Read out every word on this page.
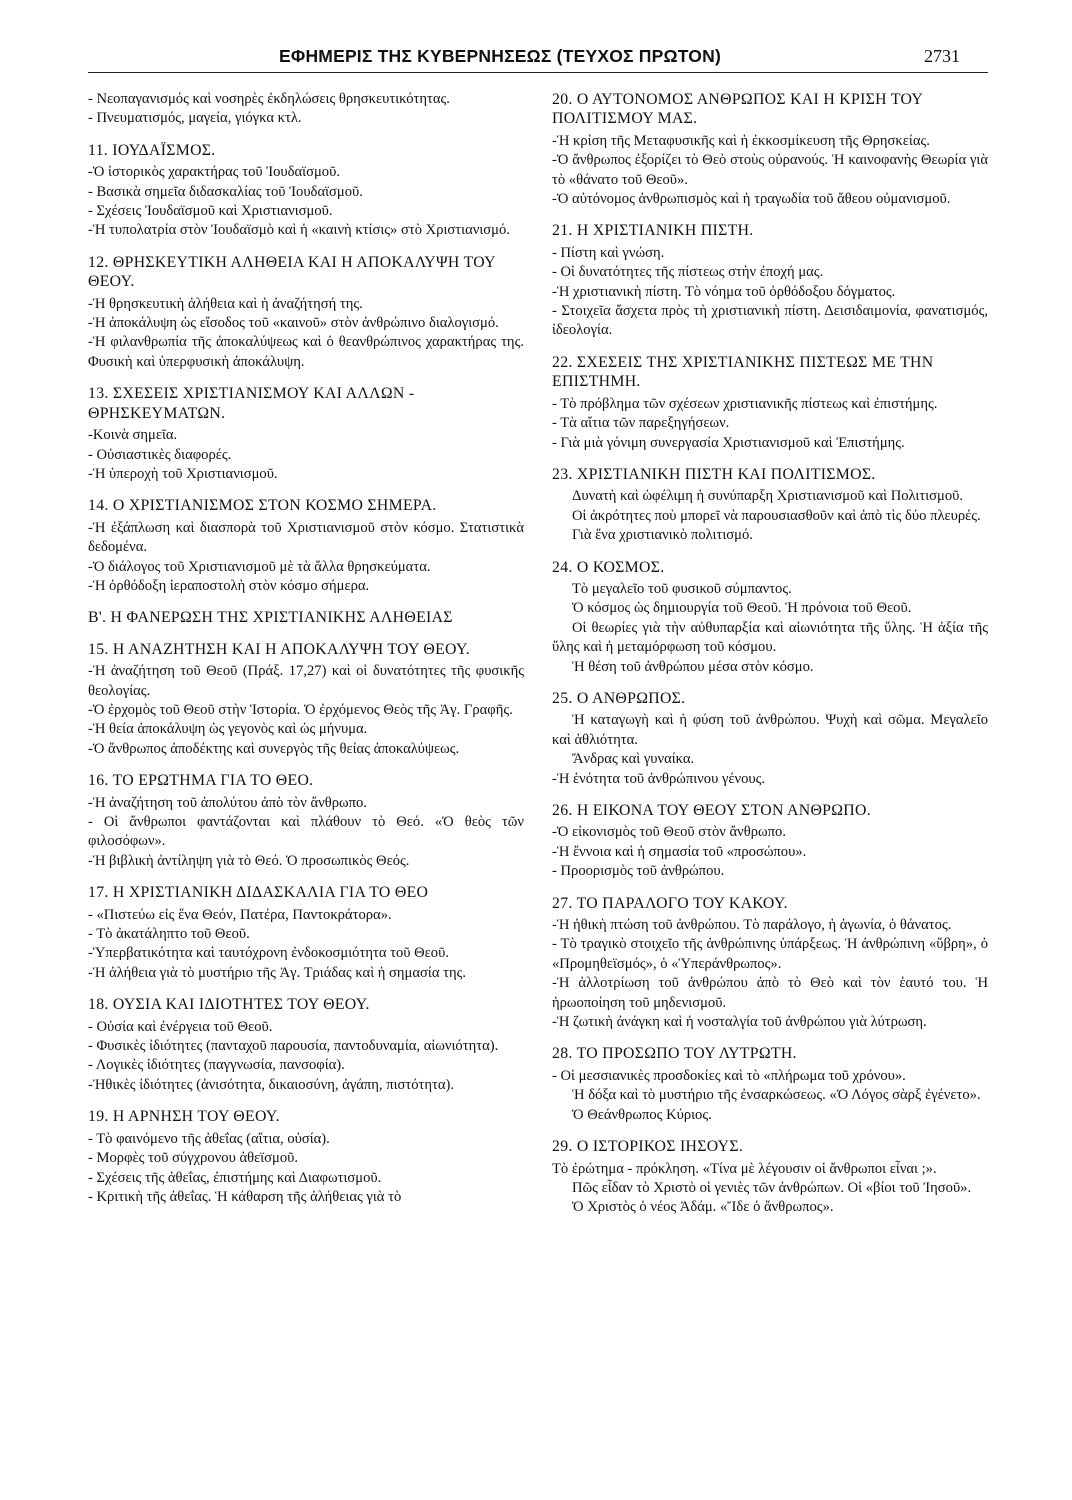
ΕΦΗΜΕΡΙΣ ΤΗΣ ΚΥΒΕΡΝΗΣΕΩΣ (ΤΕΥΧΟΣ ΠΡΩΤΟΝ)	2731
- Νεοπαγανισμός καὶ νοσηρὲς ἐκδηλώσεις θρησκευτικότητας.
- Πνευματισμός, μαγεία, γιόγκα κτλ.
11. ΙΟΥΔΑΪΣΜΟΣ.
-Ὁ ἱστορικὸς χαρακτήρας τοῦ Ἰουδαϊσμοῦ.
- Βασικὰ σημεῖα διδασκαλίας τοῦ Ἰουδαϊσμοῦ.
- Σχέσεις Ἰουδαϊσμοῦ καὶ Χριστιανισμοῦ.
-Ἡ τυπολατρία στὸν Ἰουδαϊσμὸ καὶ ἡ «καινὴ κτίσις» στὸ Χριστιανισμό.
12. ΘΡΗΣΚΕΥΤΙΚΗ ΑΛΗΘΕΙΑ ΚΑΙ Η ΑΠΟΚΑΛΥΨΗ ΤΟΥ ΘΕΟΥ.
-Ἡ θρησκευτικὴ ἀλήθεια καὶ ἡ ἀναζήτησή της.
-Ἡ ἀποκάλυψη ὡς εἴσοδος τοῦ «καινοῦ» στὸν ἀνθρώπινο διαλογισμό.
-Ἡ φιλανθρωπία τῆς ἀποκαλύψεως καὶ ὁ θεανθρώπινος χαρακτήρας της. Φυσικὴ καὶ ὑπερφυσικὴ ἀποκάλυψη.
13. ΣΧΕΣΕΙΣ ΧΡΙΣΤΙΑΝΙΣΜΟΥ ΚΑΙ ΑΛΛΩΝ - ΘΡΗΣΚΕΥΜΑΤΩΝ.
-Κοινὰ σημεῖα.
- Οὐσιαστικὲς διαφορές.
-Ἡ ὑπεροχὴ τοῦ Χριστιανισμοῦ.
14. Ο ΧΡΙΣΤΙΑΝΙΣΜΟΣ ΣΤΟΝ ΚΟΣΜΟ ΣΗΜΕΡΑ.
-Ἡ ἐξάπλωση καὶ διασπορὰ τοῦ Χριστιανισμοῦ στὸν κόσμο. Στατιστικὰ δεδομένα.
-Ὁ διάλογος τοῦ Χριστιανισμοῦ μὲ τὰ ἄλλα θρησκεύματα.
-Ἡ ὀρθόδοξη ἱεραποστολὴ στὸν κόσμο σήμερα.
Β'. Η ΦΑΝΕΡΩΣΗ ΤΗΣ ΧΡΙΣΤΙΑΝΙΚΗΣ ΑΛΗΘΕΙΑΣ
15. Η ΑΝΑΖΗΤΗΣΗ ΚΑΙ Η ΑΠΟΚΑΛΥΨΗ ΤΟΥ ΘΕΟΥ.
-Ἡ ἀναζήτηση τοῦ Θεοῦ (Πράξ. 17,27) καὶ οἱ δυνατότητες τῆς φυσικῆς θεολογίας.
-Ὁ ἐρχομὸς τοῦ Θεοῦ στὴν Ἱστορία. Ὁ ἐρχόμενος Θεὸς τῆς Ἁγ. Γραφῆς.
-Ἡ θεία ἀποκάλυψη ὡς γεγονὸς καὶ ὡς μήνυμα.
-Ὁ ἄνθρωπος ἀποδέκτης καὶ συνεργὸς τῆς θείας ἀποκαλύψεως.
16. ΤΟ ΕΡΩΤΗΜΑ ΓΙΑ ΤΟ ΘΕΟ.
-Ἡ ἀναζήτηση τοῦ ἀπολύτου ἀπὸ τὸν ἄνθρωπο.
- Οἱ ἄνθρωποι φαντάζονται καὶ πλάθουν τὸ Θεό. «Ὁ θεὸς τῶν φιλοσόφων».
-Ἡ βιβλικὴ ἀντίληψη γιὰ τὸ Θεό. Ὁ προσωπικὸς Θεός.
17. Η ΧΡΙΣΤΙΑΝΙΚΗ ΔΙΔΑΣΚΑΛΙΑ ΓΙΑ ΤΟ ΘΕΟ
- «Πιστεύω εἰς ἕνα Θεόν, Πατέρα, Παντοκράτορα».
- Τὸ ἀκατάληπτο τοῦ Θεοῦ.
-Ὑπερβατικότητα καὶ ταυτόχρονη ἐνδοκοσμιότητα τοῦ Θεοῦ.
-Ἡ ἀλήθεια γιὰ τὸ μυστήριο τῆς Ἁγ. Τριάδας καὶ ἡ σημασία της.
18. ΟΥΣΙΑ ΚΑΙ ΙΔΙΟΤΗΤΕΣ ΤΟΥ ΘΕΟΥ.
- Οὐσία καὶ ἐνέργεια τοῦ Θεοῦ.
- Φυσικὲς ἰδιότητες (πανταχοῦ παρουσία, παντοδυναμία, αἰωνιότητα).
- Λογικὲς ἰδιότητες (παγγνωσία, πανσοφία).
-Ἠθικὲς ἰδιότητες (ἀνισότητα, δικαιοσύνη, ἀγάπη, πιστότητα).
19. Η ΑΡΝΗΣΗ ΤΟΥ ΘΕΟΥ.
- Τὸ φαινόμενο τῆς ἀθεΐας (αἴτια, οὐσία).
- Μορφὲς τοῦ σύγχρονου ἀθεϊσμοῦ.
- Σχέσεις τῆς ἀθεΐας, ἐπιστήμης καὶ Διαφωτισμοῦ.
- Κριτικὴ τῆς ἀθεΐας. Ἡ κάθαρση τῆς ἀλήθειας γιὰ τὸ
20. Ο ΑΥΤΟΝΟΜΟΣ ΑΝΘΡΩΠΟΣ ΚΑΙ Η ΚΡΙΣΗ ΤΟΥ ΠΟΛΙΤΙΣΜΟΥ ΜΑΣ.
-Ἡ κρίση τῆς Μεταφυσικῆς καὶ ἡ ἐκκοσμίκευση τῆς Θρησκείας.
-Ὁ ἄνθρωπος ἐξορίζει τὸ Θεὸ στοὺς οὐρανούς. Ἡ καινοφανὴς Θεωρία γιὰ τὸ «θάνατο τοῦ Θεοῦ».
-Ὁ αὐτόνομος ἀνθρωπισμὸς καὶ ἡ τραγωδία τοῦ ἄθεου οὐμανισμοῦ.
21. Η ΧΡΙΣΤΙΑΝΙΚΗ ΠΙΣΤΗ.
- Πίστη καὶ γνώση.
- Οἱ δυνατότητες τῆς πίστεως στὴν ἐποχή μας.
-Ἡ χριστιανικὴ πίστη. Τὸ νόημα τοῦ ὀρθόδοξου δόγματος.
- Στοιχεῖα ἄσχετα πρὸς τὴ χριστιανικὴ πίστη. Δεισιδαιμονία, φανατισμός, ἰδεολογία.
22. ΣΧΕΣΕΙΣ ΤΗΣ ΧΡΙΣΤΙΑΝΙΚΗΣ ΠΙΣΤΕΩΣ ΜΕ ΤΗΝ ΕΠΙΣΤΗΜΗ.
- Τὸ πρόβλημα τῶν σχέσεων χριστιανικῆς πίστεως καὶ ἐπιστήμης.
- Τὰ αἴτια τῶν παρεξηγήσεων.
- Γιὰ μιὰ γόνιμη συνεργασία Χριστιανισμοῦ καὶ Ἐπιστήμης.
23. ΧΡΙΣΤΙΑΝΙΚΗ ΠΙΣΤΗ ΚΑΙ ΠΟΛΙΤΙΣΜΟΣ.
Δυνατὴ καὶ ὠφέλιμη ἡ συνύπαρξη Χριστιανισμοῦ καὶ Πολιτισμοῦ.
Οἱ ἀκρότητες ποὺ μπορεῖ νὰ παρουσιασθοῦν καὶ ἀπὸ τὶς δύο πλευρές.
Γιὰ ἕνα χριστιανικὸ πολιτισμό.
24. Ο ΚΟΣΜΟΣ.
Τὸ μεγαλεῖο τοῦ φυσικοῦ σύμπαντος.
Ὁ κόσμος ὡς δημιουργία τοῦ Θεοῦ. Ἡ πρόνοια τοῦ Θεοῦ.
Οἱ θεωρίες γιὰ τὴν αὐθυπαρξία καὶ αἰωνιότητα τῆς ὕλης. Ἡ ἀξία τῆς ὕλης καὶ ἡ μεταμόρφωση τοῦ κόσμου.
Ἡ θέση τοῦ ἀνθρώπου μέσα στὸν κόσμο.
25. Ο ΑΝΘΡΩΠΟΣ.
Ἡ καταγωγὴ καὶ ἡ φύση τοῦ ἀνθρώπου. Ψυχὴ καὶ σῶμα. Μεγαλεῖο καὶ ἀθλιότητα.
Ἄνδρας καὶ γυναίκα.
-Ἡ ἑνότητα τοῦ ἀνθρώπινου γένους.
26. Η ΕΙΚΟΝΑ ΤΟΥ ΘΕΟΥ ΣΤΟΝ ΑΝΘΡΩΠΟ.
-Ὁ εἰκονισμὸς τοῦ Θεοῦ στὸν ἄνθρωπο.
-Ἡ ἔννοια καὶ ἡ σημασία τοῦ «προσώπου».
- Προορισμὸς τοῦ ἀνθρώπου.
27. ΤΟ ΠΑΡΑΛΟΓΟ ΤΟΥ ΚΑΚΟΥ.
-Ἡ ἠθικὴ πτώση τοῦ ἀνθρώπου. Τὸ παράλογο, ἡ ἀγωνία, ὁ θάνατος.
- Τὸ τραγικὸ στοιχεῖο τῆς ἀνθρώπινης ὑπάρξεως. Ἡ ἀνθρώπινη «ὕβρη», ὁ «Προμηθεϊσμός», ὁ «Ὑπεράνθρωπος».
-Ἡ ἀλλοτρίωση τοῦ ἀνθρώπου ἀπὸ τὸ Θεὸ καὶ τὸν ἑαυτό του. Ἡ ἡρωοποίηση τοῦ μηδενισμοῦ.
-Ἡ ζωτικὴ ἀνάγκη καὶ ἡ νοσταλγία τοῦ ἀνθρώπου γιὰ λύτρωση.
28. ΤΟ ΠΡΟΣΩΠΟ ΤΟΥ ΛΥΤΡΩΤΗ.
- Οἱ μεσσιανικὲς προσδοκίες καὶ τὸ «πλήρωμα τοῦ χρόνου».
Ἡ δόξα καὶ τὸ μυστήριο τῆς ἐνσαρκώσεως. «Ὁ Λόγος σὰρξ ἐγένετο».
Ὁ Θεάνθρωπος Κύριος.
29. Ο ΙΣΤΟΡΙΚΟΣ ΙΗΣΟΥΣ.
Τὸ ἐρώτημα - πρόκληση. «Τίνα μὲ λέγουσιν οἱ ἄνθρωποι εἶναι ;».
Πῶς εἶδαν τὸ Χριστὸ οἱ γενιὲς τῶν ἀνθρώπων. Οἱ «βίοι τοῦ Ἰησοῦ».
Ὁ Χριστὸς ὁ νέος Ἀδάμ. «Ἴδε ὁ ἄνθρωπος».
